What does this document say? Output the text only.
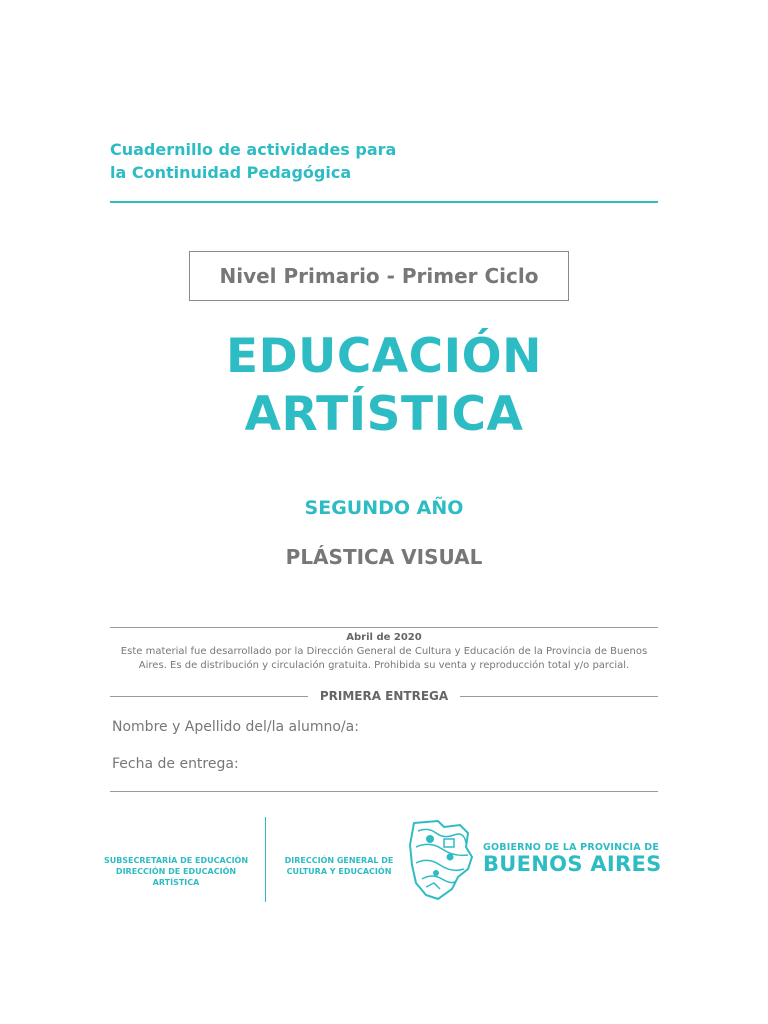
Cuadernillo de actividades para
la Continuidad Pedagógica
Nivel Primario - Primer Ciclo
EDUCACIÓN
ARTÍSTICA
SEGUNDO AÑO
PLÁSTICA VISUAL
Abril de 2020
Este material fue desarrollado por la Dirección General de Cultura y Educación de la Provincia de Buenos
Aires. Es de distribución y circulación gratuita. Prohibida su venta y reproducción total y/o parcial.
PRIMERA ENTREGA
Nombre y Apellido del/la alumno/a:
Fecha de entrega:
SUBSECRETARÍA DE EDUCACIÓN
DIRECCIÓN DE EDUCACIÓN ARTÍSTICA
DIRECCIÓN GENERAL DE
CULTURA Y EDUCACIÓN
GOBIERNO DE LA PROVINCIA DE
BUENOS AIRES
